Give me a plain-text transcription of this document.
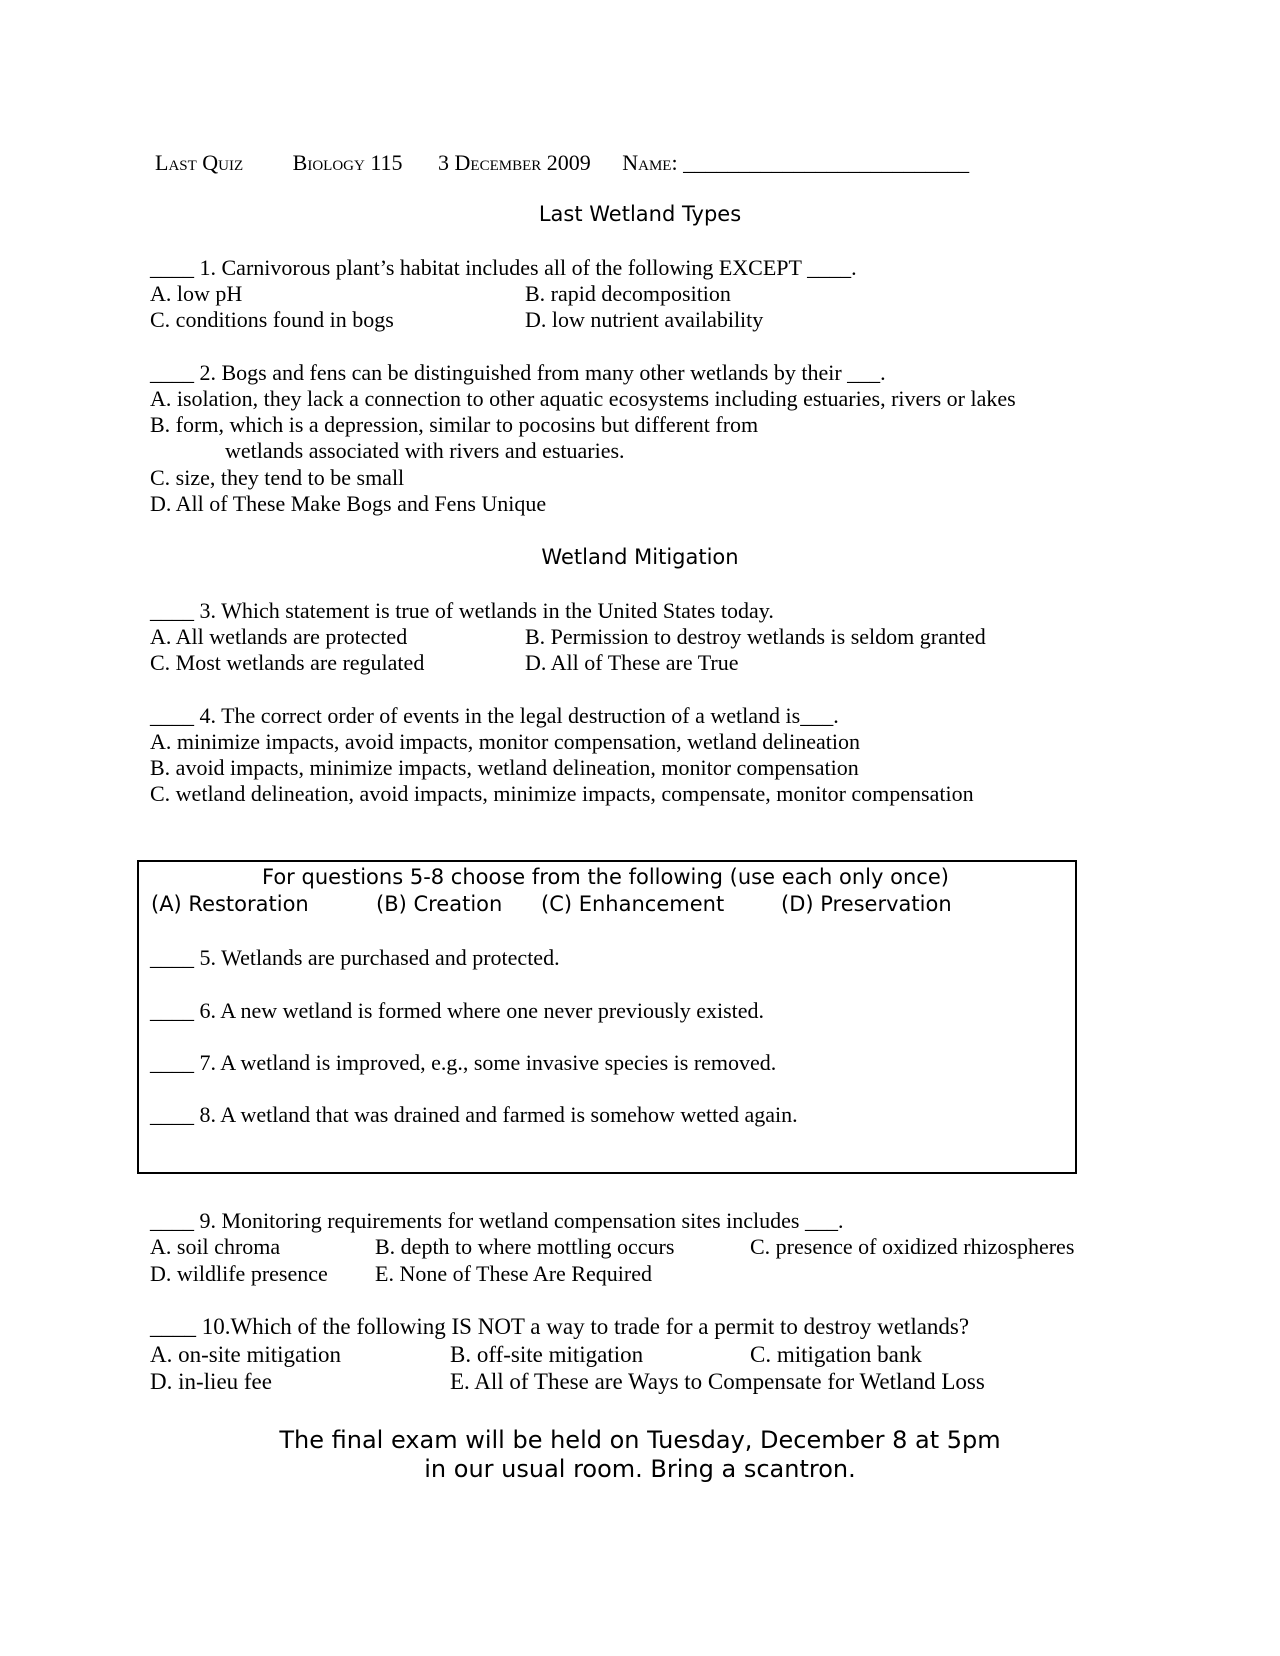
Last Quiz Biology 115 3 December 2009 Name: __________________________
Last Wetland Types
____ 1. Carnivorous plant’s habitat includes all of the following EXCEPT ____.
A. low pH	B. rapid decomposition
C. conditions found in bogs	D. low nutrient availability
____ 2. Bogs and fens can be distinguished from many other wetlands by their ___.
A. isolation, they lack a connection to other aquatic ecosystems including estuaries, rivers or lakes
B. form, which is a depression, similar to pocosins but different from
wetlands associated with rivers and estuaries.
C. size, they tend to be small
D. All of These Make Bogs and Fens Unique
Wetland Mitigation
____ 3. Which statement is true of wetlands in the United States today.
A. All wetlands are protected	B. Permission to destroy wetlands is seldom granted
C. Most wetlands are regulated	D. All of These are True
____ 4. The correct order of events in the legal destruction of a wetland is___.
A. minimize impacts, avoid impacts, monitor compensation, wetland delineation
B. avoid impacts, minimize impacts, wetland delineation, monitor compensation
C. wetland delineation, avoid impacts, minimize impacts, compensate, monitor compensation
For questions 5-8 choose from the following (use each only once)
(A) Restoration	(B) Creation (C) Enhancement	(D) Preservation
____ 5. Wetlands are purchased and protected.
____ 6. A new wetland is formed where one never previously existed.
____ 7. A wetland is improved, e.g., some invasive species is removed.
____ 8. A wetland that was drained and farmed is somehow wetted again.
____ 9. Monitoring requirements for wetland compensation sites includes ___.
A. soil chroma	B. depth to where mottling occurs	C. presence of oxidized rhizospheres
D. wildlife presence E. None of These Are Required
____ 10.Which of the following IS NOT a way to trade for a permit to destroy wetlands?
A. on-site mitigation	B. off-site mitigation	C. mitigation bank
D. in-lieu fee	E. All of These are Ways to Compensate for Wetland Loss
The final exam will be held on Tuesday, December 8 at 5pm
in our usual room. Bring a scantron.
